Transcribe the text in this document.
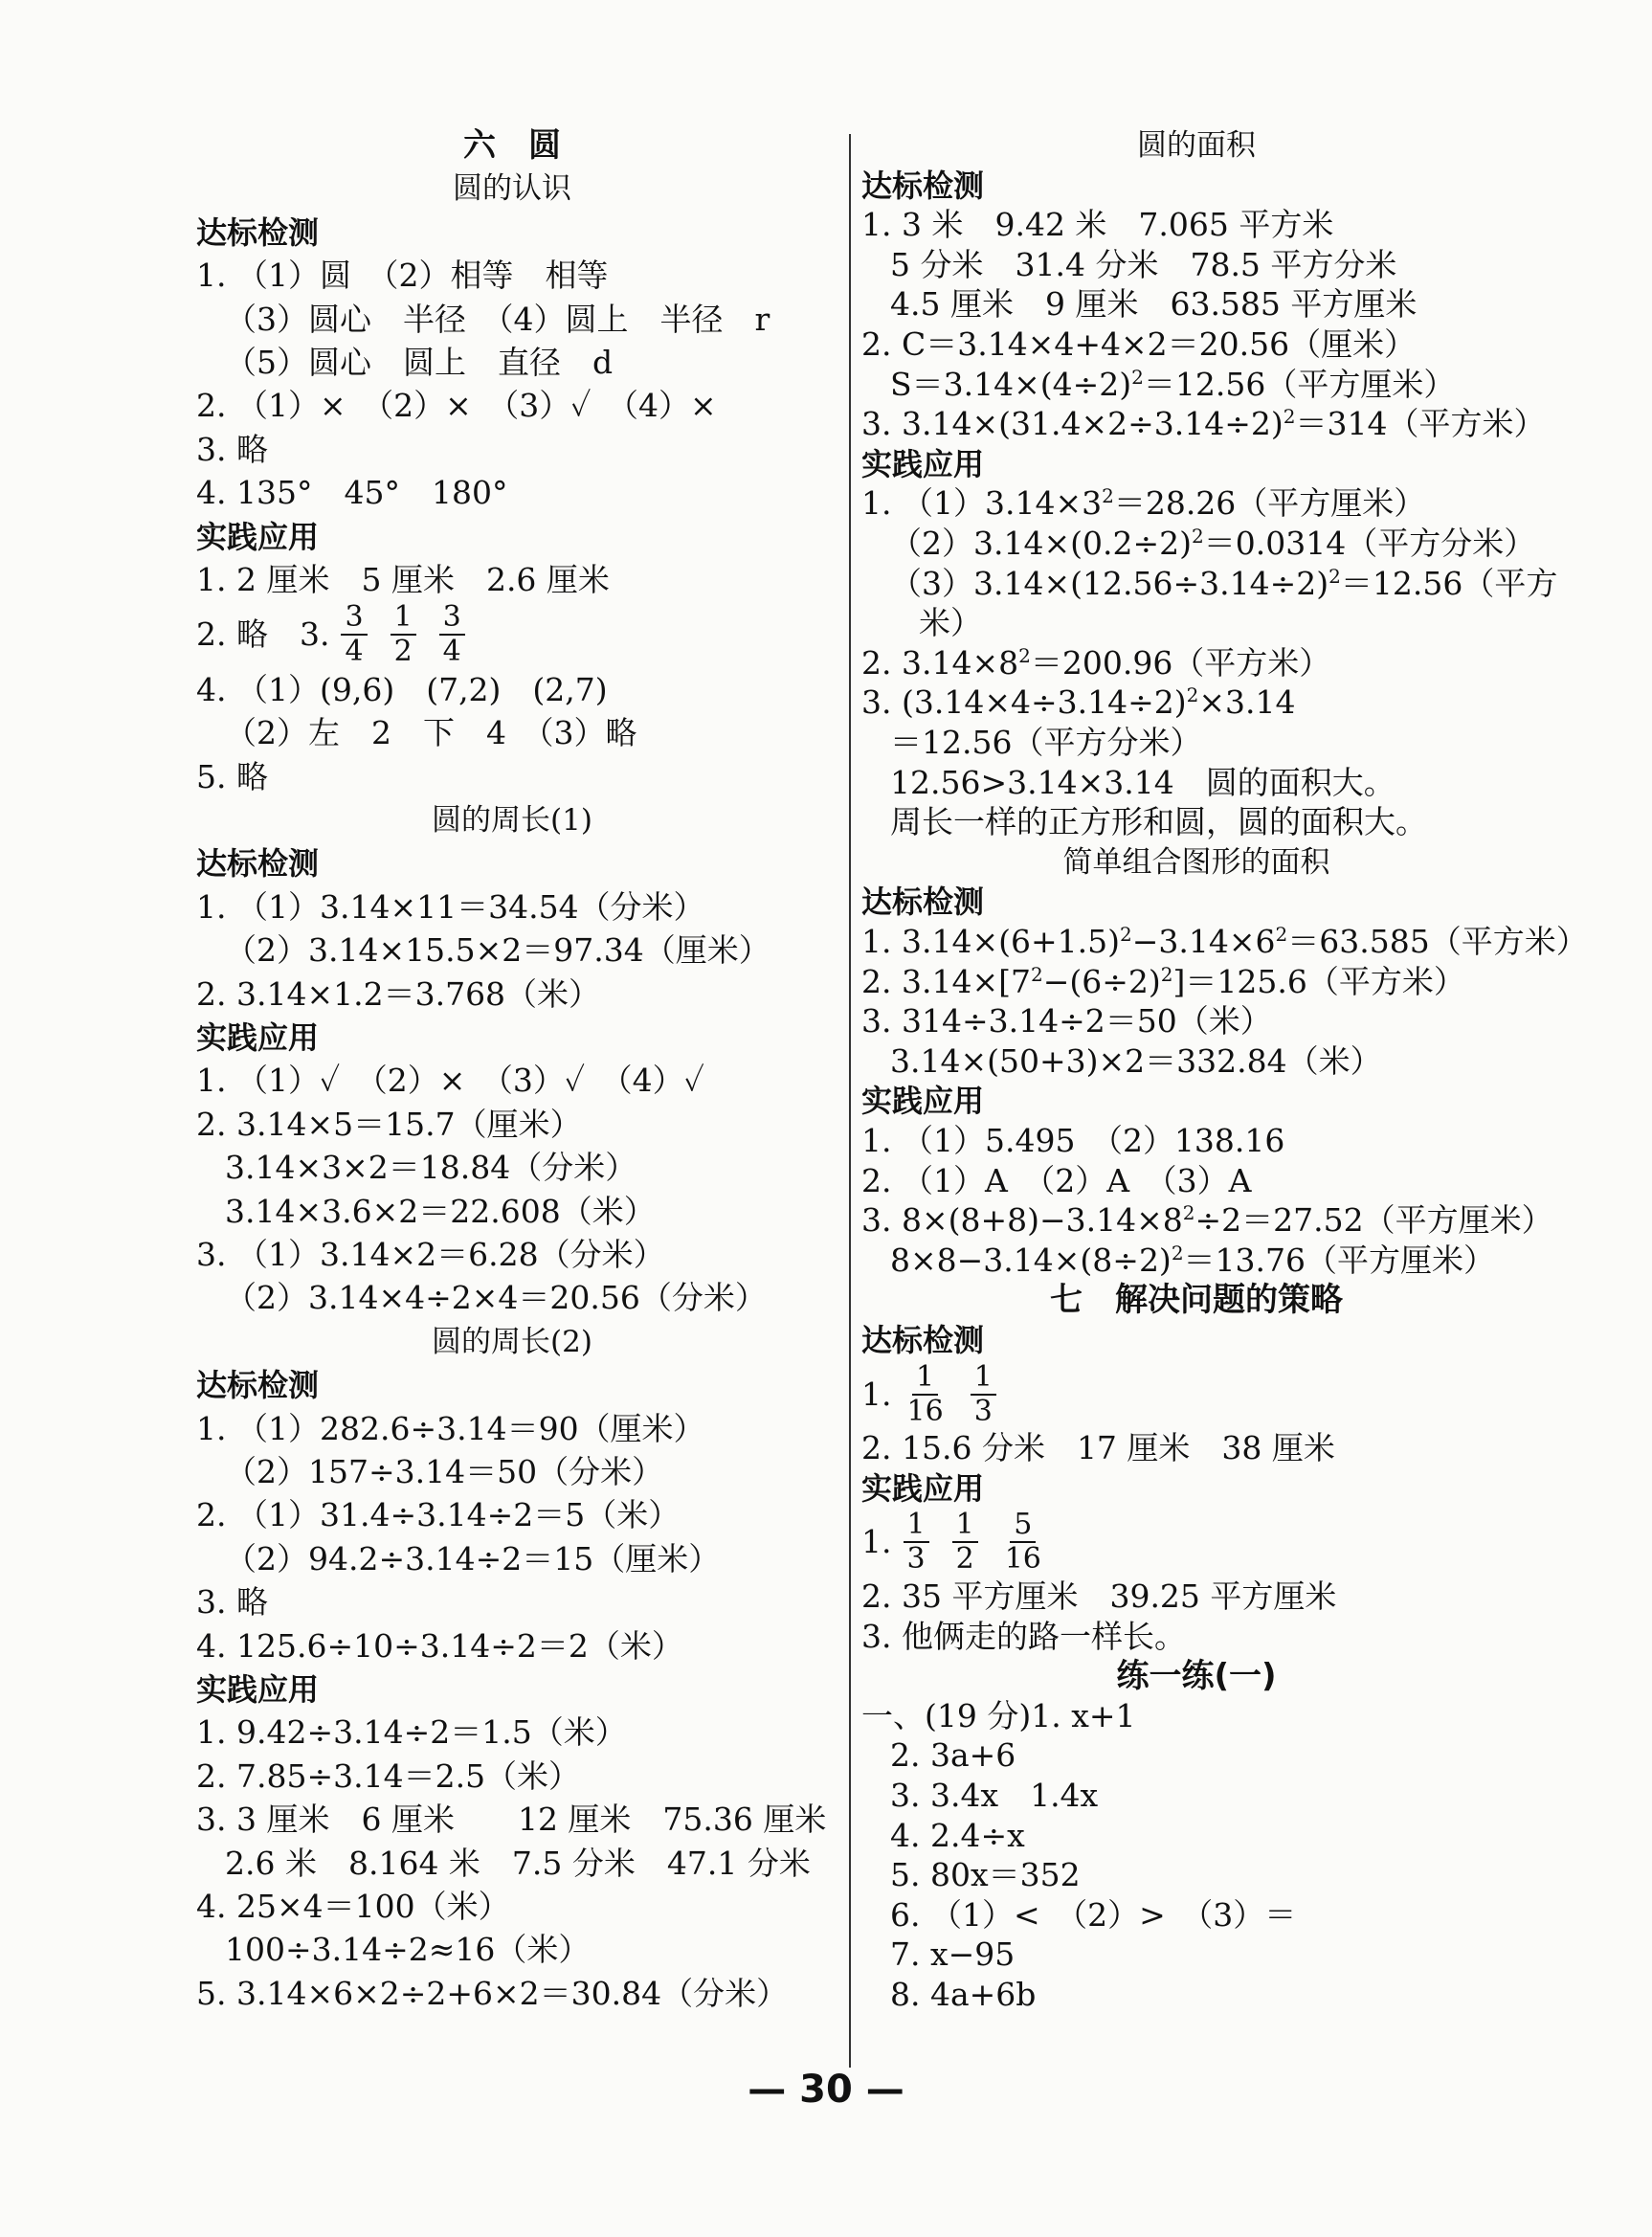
六　圆
圆的认识
达标检测
1. （1）圆　（2）相等　相等
（3）圆心　半径　（4）圆上　半径　r
（5）圆心　圆上　直径　d
2. （1）×　（2）×　（3）✓　（4）×
3. 略
4. 135°　45°　180°
实践应用
1. 2 厘米　5 厘米　2.6 厘米
2. 略　3. $\frac{3}{4} \frac{1}{2} \frac{3}{4}$
4. （1）(9,6)　(7,2)　(2,7)
（2）左　2　下　4　（3）略
5. 略
圆的周长(1)
达标检测
1. （1）3.14×11＝34.54（分米）
（2）3.14×15.5×2＝97.34（厘米）
2. 3.14×1.2＝3.768（米）
实践应用
1. （1）✓　（2）×　（3）✓　（4）✓
2. 3.14×5＝15.7（厘米）
3.14×3×2＝18.84（分米）
3.14×3.6×2＝22.608（米）
3. （1）3.14×2＝6.28（分米）
（2）3.14×4÷2×4＝20.56（分米）
圆的周长(2)
达标检测
1. （1）282.6÷3.14＝90（厘米）
（2）157÷3.14＝50（分米）
2. （1）31.4÷3.14÷2＝5（米）
（2）94.2÷3.14÷2＝15（厘米）
3. 略
4. 125.6÷10÷3.14÷2＝2（米）
实践应用
1. 9.42÷3.14÷2＝1.5（米）
2. 7.85÷3.14＝2.5（米）
3. 3 厘米　6 厘米　　12 厘米　75.36 厘米
2.6 米　8.164 米　7.5 分米　47.1 分米
4. 25×4＝100（米）
100÷3.14÷2≈16（米）
5. 3.14×6×2÷2+6×2＝30.84（分米）
圆的面积
达标检测
1. 3 米　9.42 米　7.065 平方米
5 分米　31.4 分米　78.5 平方分米
4.5 厘米　9 厘米　63.585 平方厘米
2. C＝3.14×4+4×2＝20.56（厘米）
$S=3.14\times(4\div 2)^2=12.56$（平方厘米）
3. $3.14\times(31.4\times 2\div 3.14\div 2)^2=314$（平方米）
实践应用
1. $(1)3.14\times 3^2=28.26$（平方厘米）
$(2)3.14\times(0.2\div 2)^2=0.0314$（平方分米）
$(3)3.14\times(12.56\div 3.14\div 2)^2=12.56$（平方
米）
2. $3.14\times 8^2=200.96$（平方米）
3. $(3.14\times 4\div 3.14\div 2)^2\times 3.14$
＝12.56（平方分米）
12.56>3.14×3.14　圆的面积大。
周长一样的正方形和圆，圆的面积大。
简单组合图形的面积
达标检测
1. $3.14\times(6+1.5)^2-3.14\times 6^2=63.585$（平方米）
2. $3.14\times[7^2-(6\div 2)^2]=125.6$（平方米）
3. 314÷3.14÷2＝50（米）
3.14×(50+3)×2＝332.84（米）
实践应用
1. （1）5.495　（2）138.16
2. （1）A　（2）A　（3）A
3. $8\times(8+8)-3.14\times 8^2\div 2=27.52$（平方厘米）
$8\times 8-3.14\times(8\div 2)^2=13.76$（平方厘米）
七　解决问题的策略
达标检测
1. $\frac{1}{16} \frac{1}{3}$
2. 15.6 分米　17 厘米　38 厘米
实践应用
1. $\frac{1}{3} \frac{1}{2} \frac{5}{16}$
2. 35 平方厘米　39.25 平方厘米
3. 他俩走的路一样长。
练一练(一)
一、(19 分)1. x+1
2. 3a+6
3. 3.4x　1.4x
4. 2.4÷x
5. 80x＝352
6. （1）<　（2）>　（3）＝
7. x−95
8. 4a+6b
— 30 —
